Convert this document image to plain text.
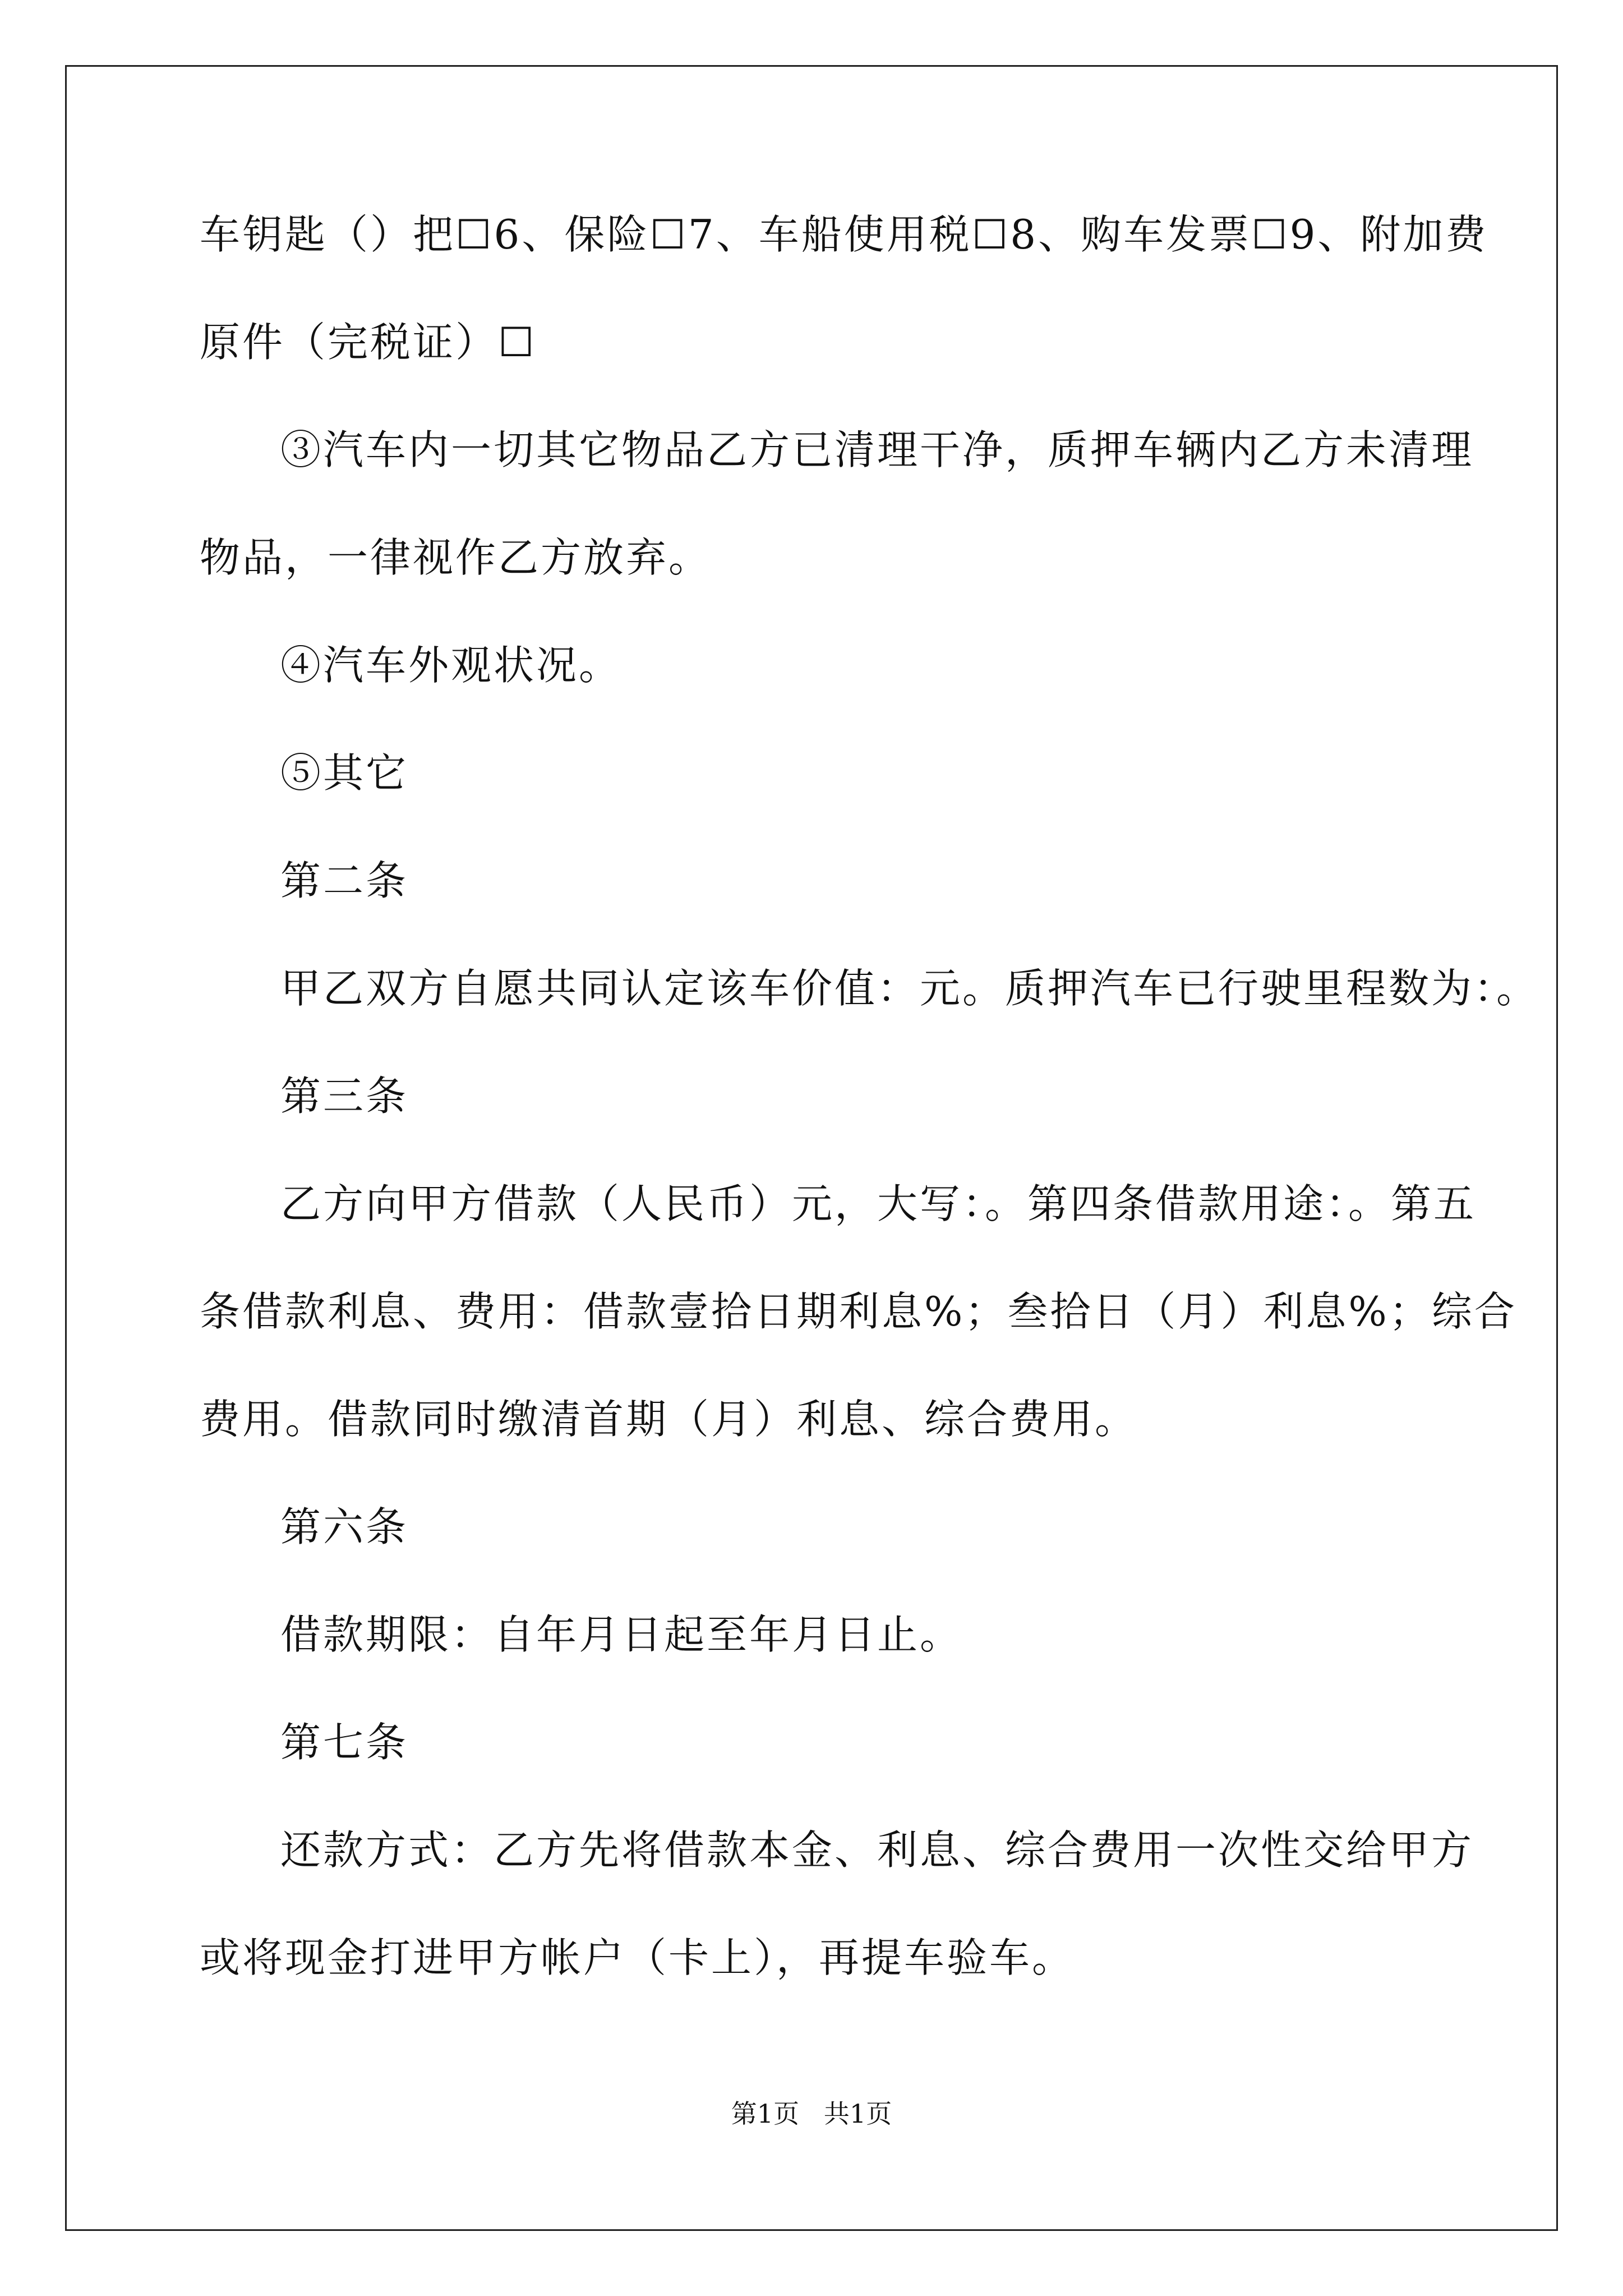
车钥匙（）把☐6、保险☐7、车船使用税☐8、购车发票☐9、附加费
原件（完税证）☐
③汽车内一切其它物品乙方已清理干净，质押车辆内乙方未清理
物品，一律视作乙方放弃。
④汽车外观状况。
⑤其它
第二条
甲乙双方自愿共同认定该车价值：元。质押汽车已行驶里程数为：。
第三条
乙方向甲方借款（人民币）元，大写：。第四条借款用途：。第五
条借款利息、费用：借款壹拾日期利息%；叁拾日（月）利息%；综合
费用。借款同时缴清首期（月）利息、综合费用。
第六条
借款期限：自年月日起至年月日止。
第七条
还款方式：乙方先将借款本金、利息、综合费用一次性交给甲方
或将现金打进甲方帐户（卡上），再提车验车。
第1页   共1页
